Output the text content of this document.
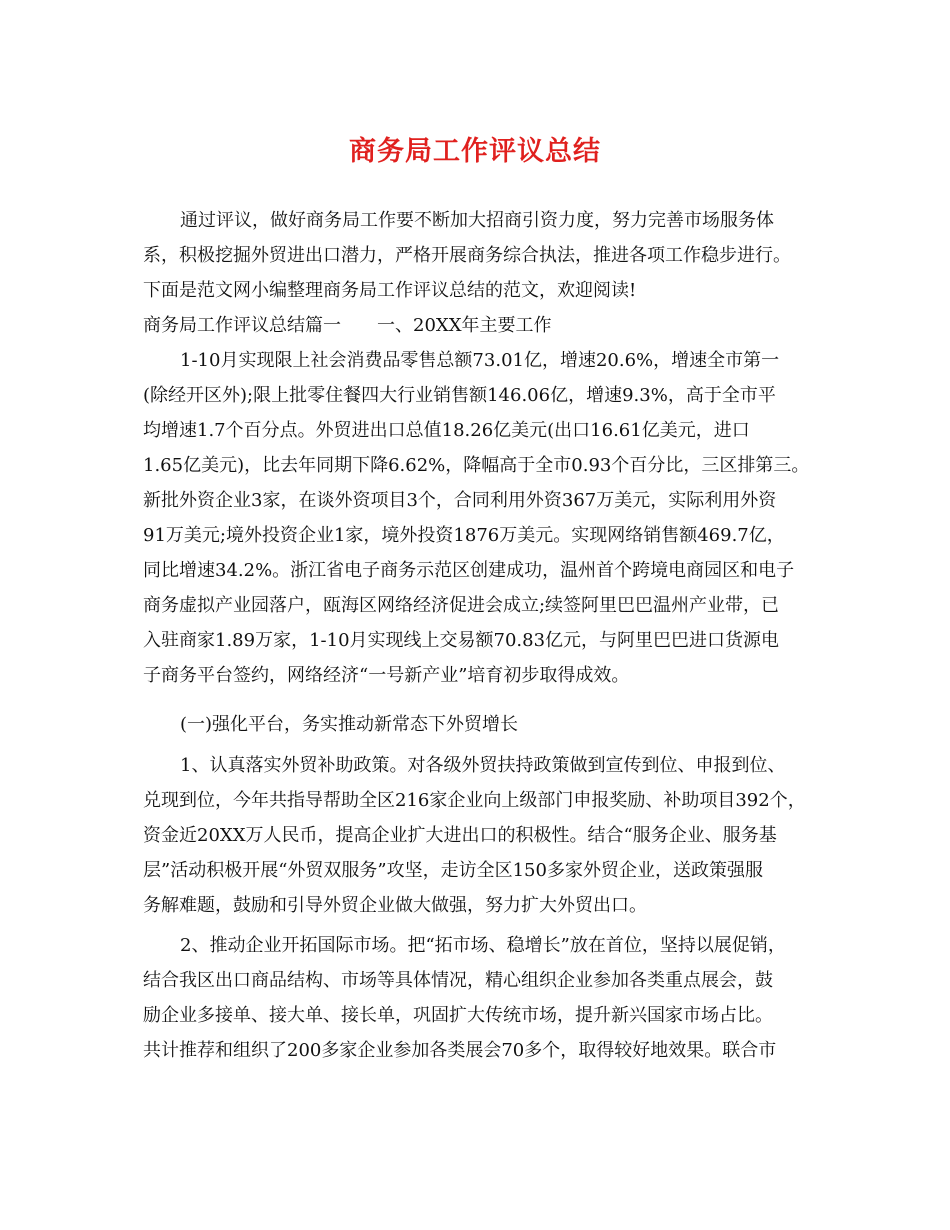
商务局工作评议总结
通过评议，做好商务局工作要不断加大招商引资力度，努力完善市场服务体
系，积极挖掘外贸进出口潜力，严格开展商务综合执法，推进各项工作稳步进行。
下面是范文网小编整理商务局工作评议总结的范文，欢迎阅读!
商务局工作评议总结篇一　　一、20XX年主要工作
1-10月实现限上社会消费品零售总额73.01亿，增速20.6%，增速全市第一
(除经开区外);限上批零住餐四大行业销售额146.06亿，增速9.3%，高于全市平
均增速1.7个百分点。外贸进出口总值18.26亿美元(出口16.61亿美元，进口
1.65亿美元)，比去年同期下降6.62%，降幅高于全市0.93个百分比，三区排第三。
新批外资企业3家，在谈外资项目3个，合同利用外资367万美元，实际利用外资
91万美元;境外投资企业1家，境外投资1876万美元。实现网络销售额469.7亿，
同比增速34.2%。浙江省电子商务示范区创建成功，温州首个跨境电商园区和电子
商务虚拟产业园落户，瓯海区网络经济促进会成立;续签阿里巴巴温州产业带，已
入驻商家1.89万家，1-10月实现线上交易额70.83亿元，与阿里巴巴进口货源电
子商务平台签约，网络经济“一号新产业”培育初步取得成效。
(一)强化平台，务实推动新常态下外贸增长
1、认真落实外贸补助政策。对各级外贸扶持政策做到宣传到位、申报到位、
兑现到位，今年共指导帮助全区216家企业向上级部门申报奖励、补助项目392个，
资金近20XX万人民币，提高企业扩大进出口的积极性。结合“服务企业、服务基
层”活动积极开展“外贸双服务”攻坚，走访全区150多家外贸企业，送政策强服
务解难题，鼓励和引导外贸企业做大做强，努力扩大外贸出口。
2、推动企业开拓国际市场。把“拓市场、稳增长”放在首位，坚持以展促销，
结合我区出口商品结构、市场等具体情况，精心组织企业参加各类重点展会，鼓
励企业多接单、接大单、接长单，巩固扩大传统市场，提升新兴国家市场占比。
共计推荐和组织了200多家企业参加各类展会70多个，取得较好地效果。联合市
